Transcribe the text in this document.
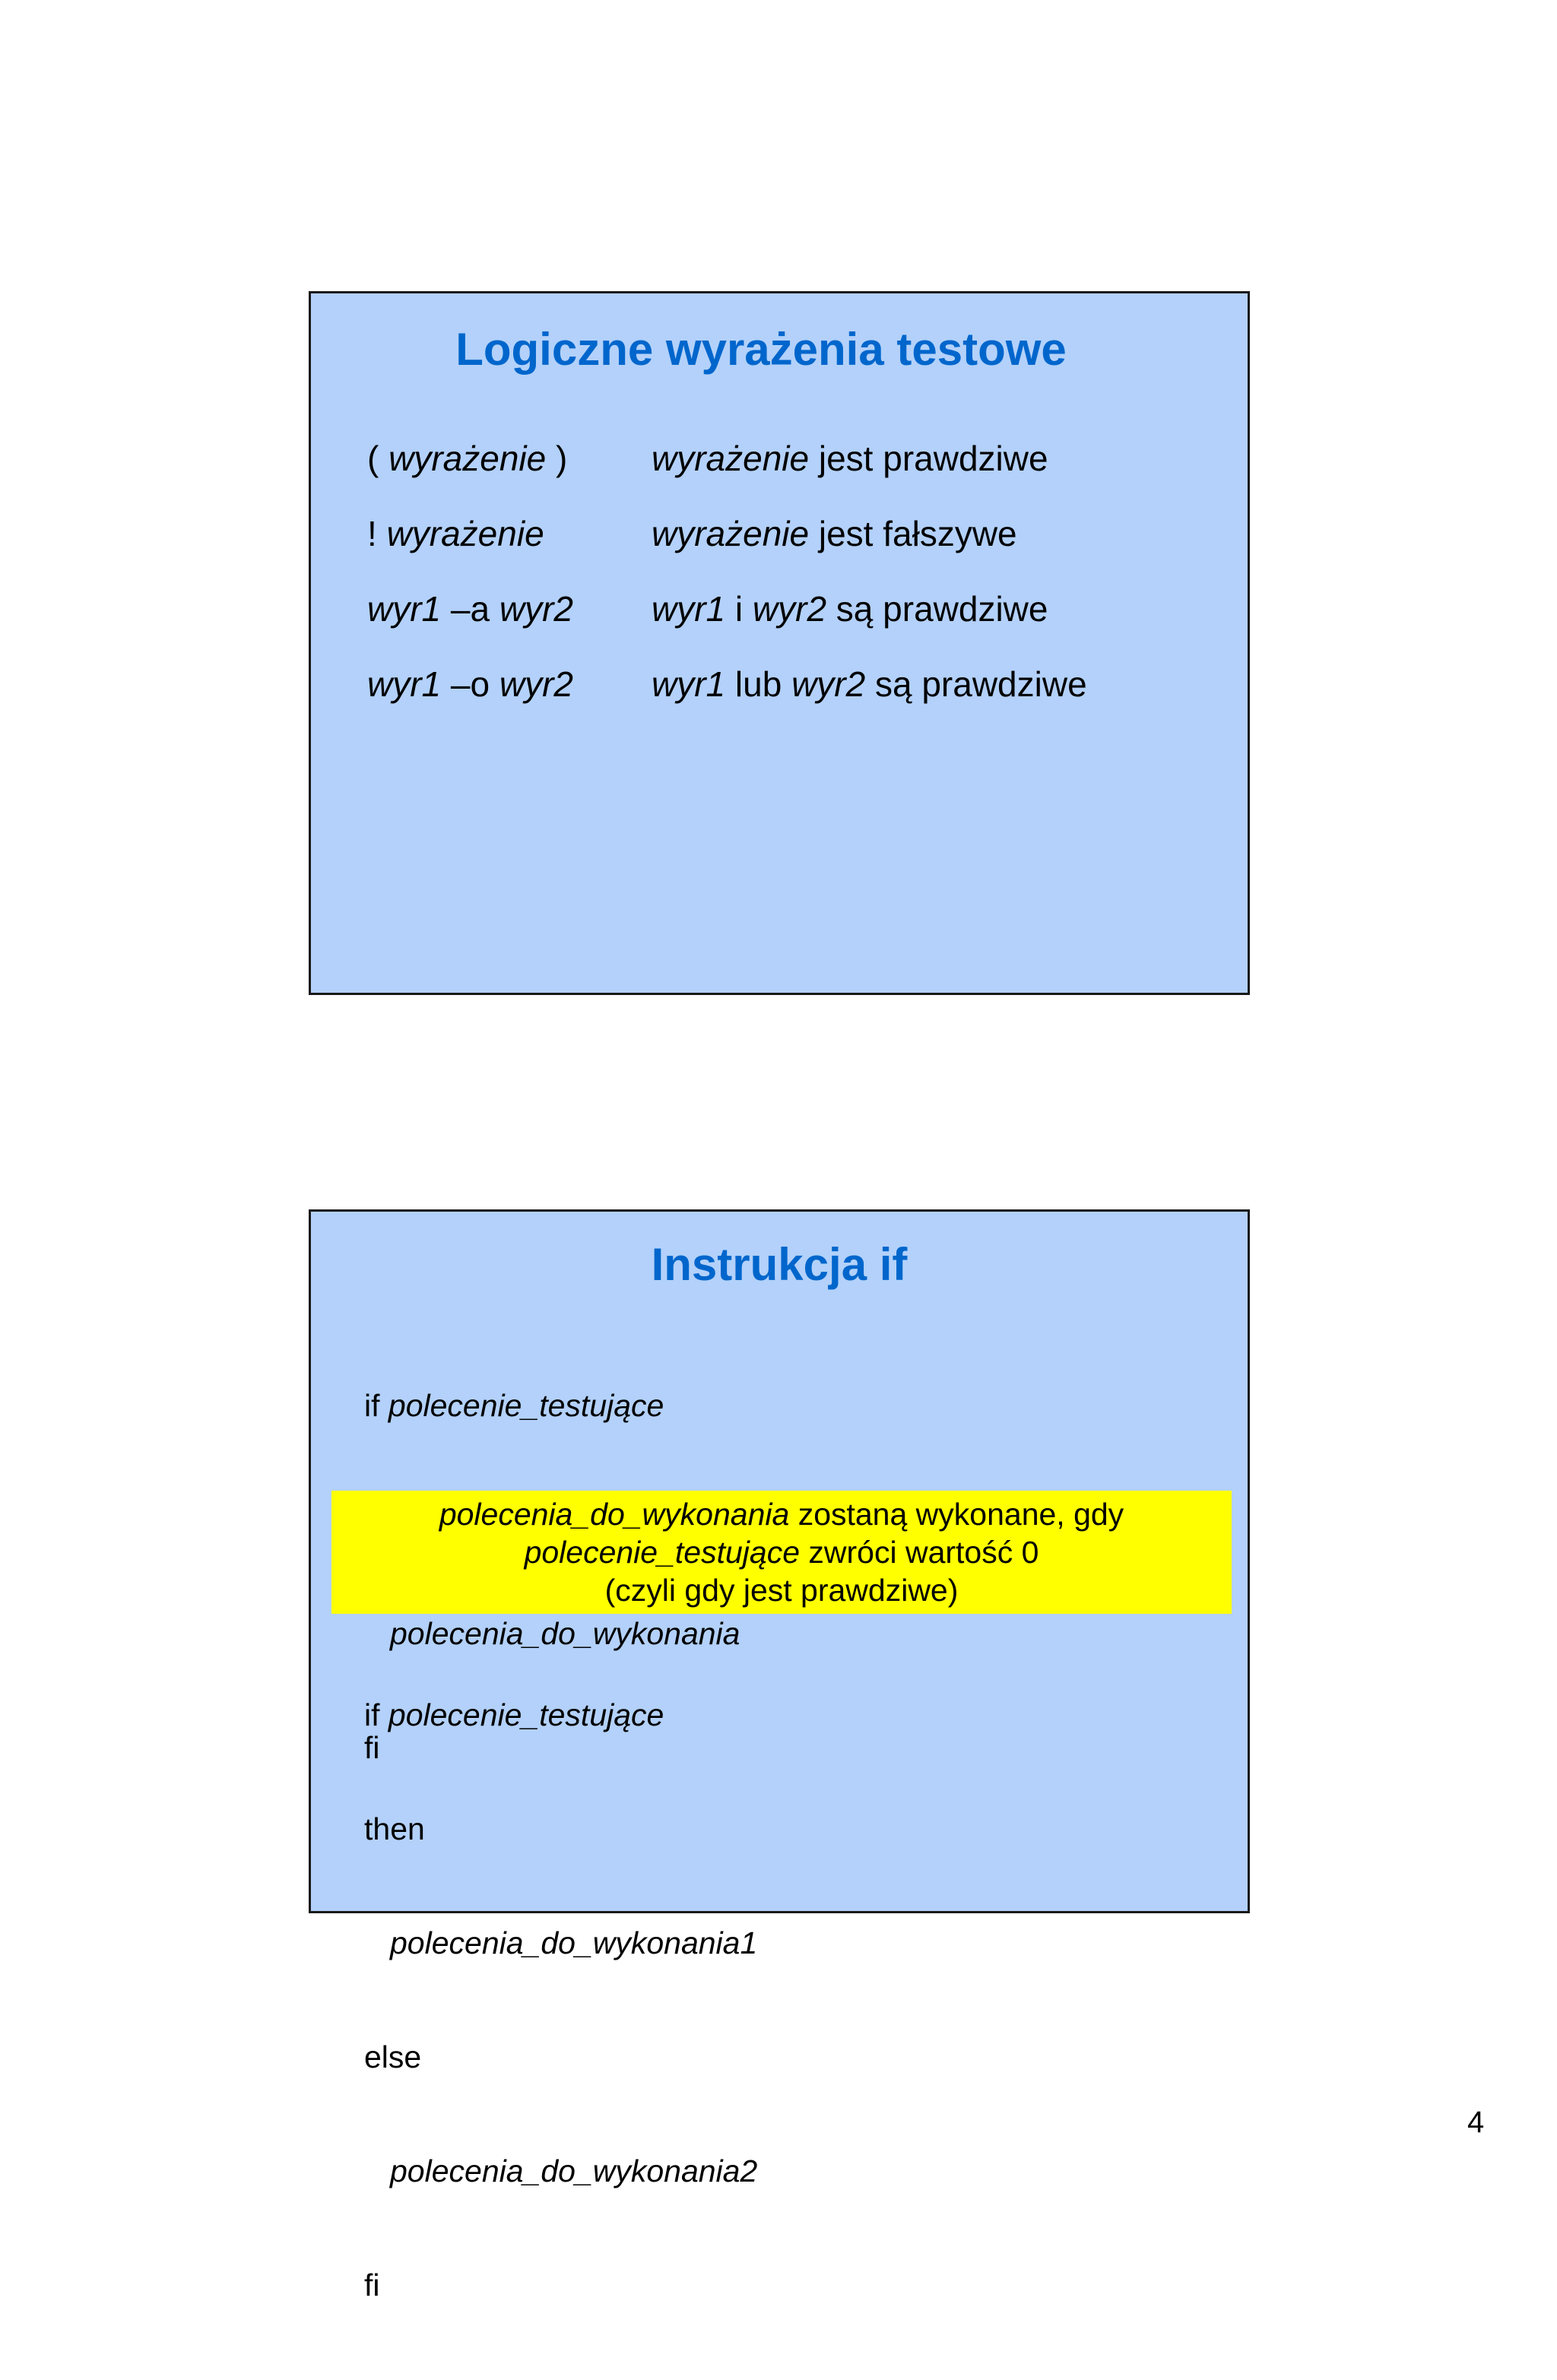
Logiczne wyrażenia testowe
( wyrażenie ) wyrażenie jest prawdziwe
! wyrażenie	wyrażenie jest fałszywe
wyr1 –a wyr2 wyr1 i wyr2 są prawdziwe
wyr1 –o wyr2 wyr1 lub wyr2 są prawdziwe
Instrukcja if

if polecenie_testujące

polecenia_do_wykonania

fi

polecenia_do_wykonania zostaną wykonane, gdy
polecenie_testujące zwróci wartość 0
(czyli gdy jest prawdziwe)

if polecenie_testujące

then

polecenia_do_wykonania1

else

polecenia_do_wykonania2

fi

4
